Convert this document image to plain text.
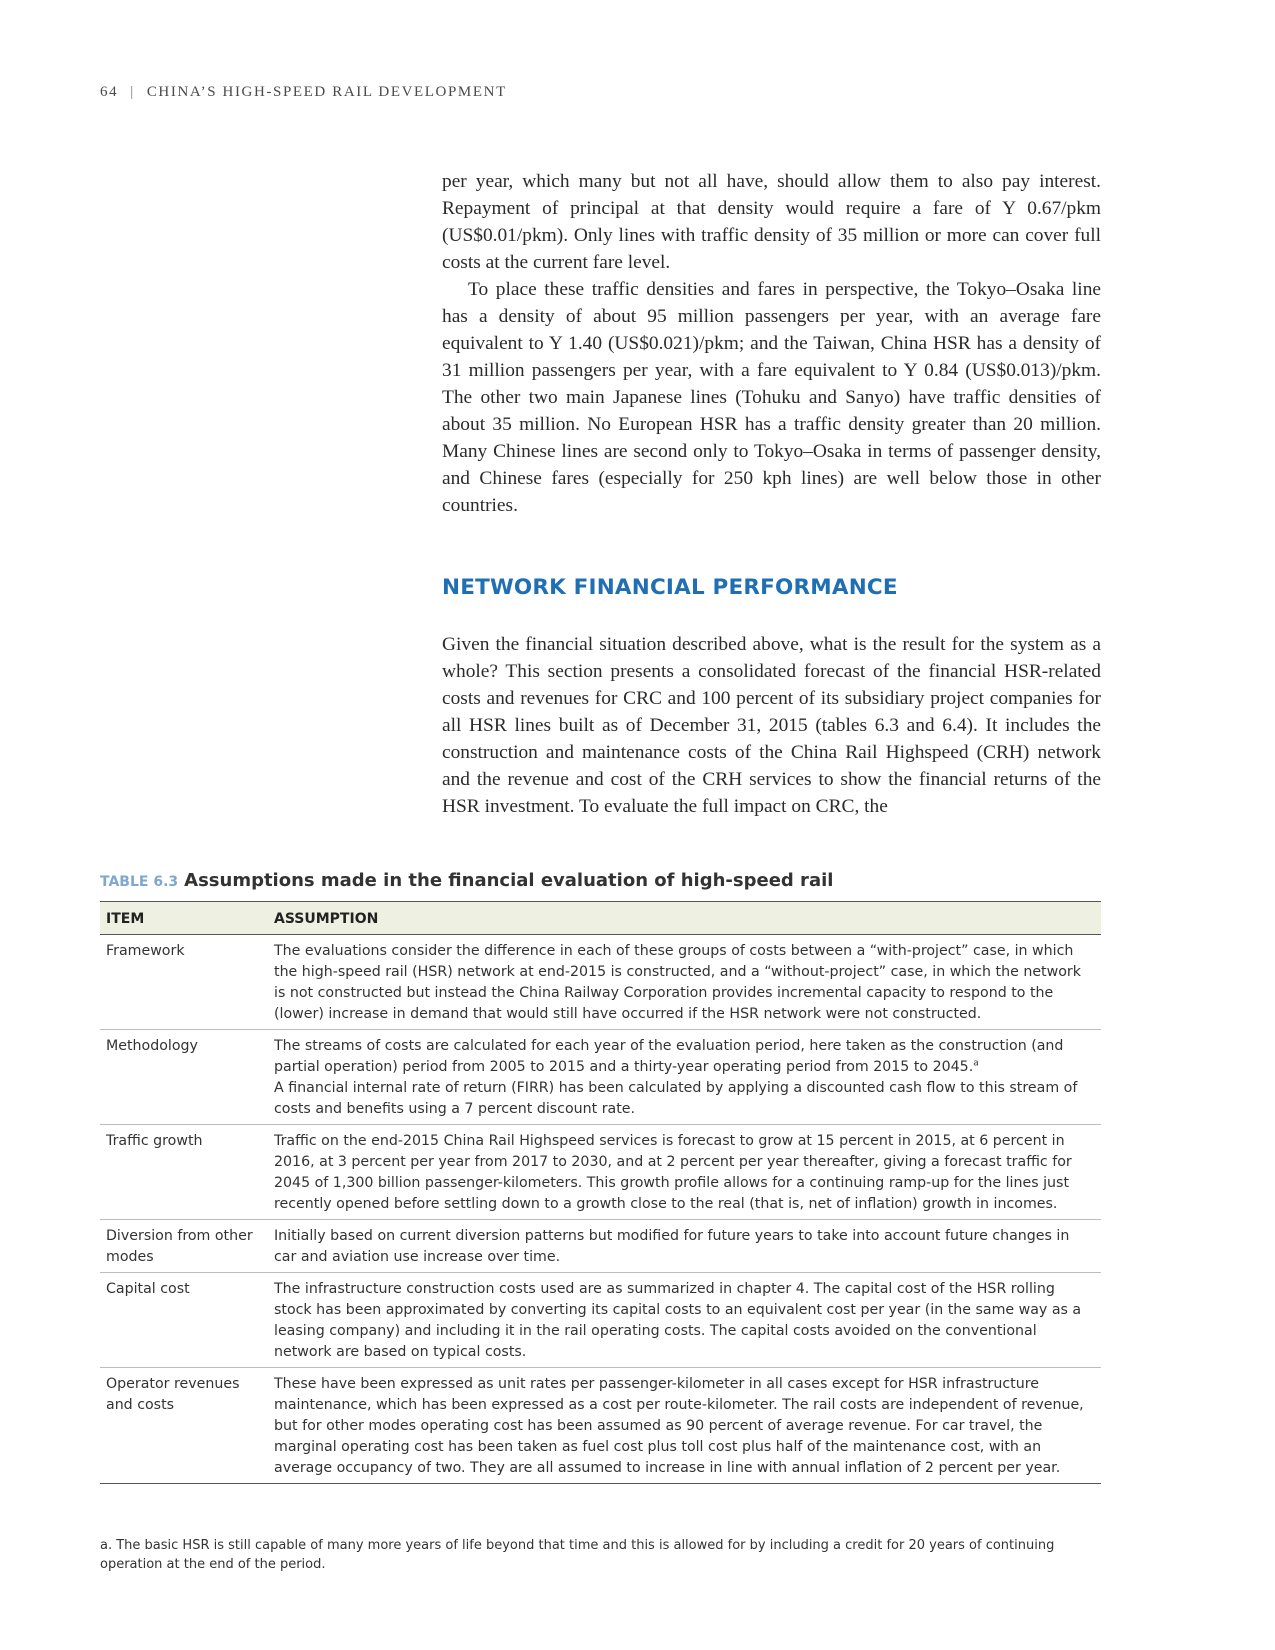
64 | CHINA’S HIGH-SPEED RAIL DEVELOPMENT

per year, which many but not all have, should allow them to also pay interest. Repayment of principal at that density would require a fare of Y 0.67/pkm (US$0.01/pkm). Only lines with traffic density of 35 million or more can cover full costs at the current fare level.

To place these traffic densities and fares in perspective, the Tokyo–Osaka line has a density of about 95 million passengers per year, with an average fare equivalent to Y 1.40 (US$0.021)/pkm; and the Taiwan, China HSR has a density of 31 million passengers per year, with a fare equivalent to Y 0.84 (US$0.013)/pkm. The other two main Japanese lines (Tohuku and Sanyo) have traffic densities of about 35 million. No European HSR has a traffic density greater than 20 million. Many Chinese lines are second only to Tokyo–Osaka in terms of passenger density, and Chinese fares (especially for 250 kph lines) are well below those in other countries.

NETWORK FINANCIAL PERFORMANCE

Given the financial situation described above, what is the result for the system as a whole? This section presents a consolidated forecast of the financial HSR-related costs and revenues for CRC and 100 percent of its subsidiary project companies for all HSR lines built as of December 31, 2015 (tables 6.3 and 6.4). It includes the construction and maintenance costs of the China Rail Highspeed (CRH) network and the revenue and cost of the CRH services to show the financial returns of the HSR investment. To evaluate the full impact on CRC, the

TABLE 6.3 Assumptions made in the financial evaluation of high-speed rail
ITEM	ASSUMPTION
Framework	The evaluations consider the difference in each of these groups of costs between a “with-project” case, in which the high-speed rail (HSR) network at end-2015 is constructed, and a “without-project” case, in which the network is not constructed but instead the China Railway Corporation provides incremental capacity to respond to the (lower) increase in demand that would still have occurred if the HSR network were not constructed.
Methodology	The streams of costs are calculated for each year of the evaluation period, here taken as the construction (and partial operation) period from 2005 to 2015 and a thirty-year operating period from 2015 to 2045.$^a$
A financial internal rate of return (FIRR) has been calculated by applying a discounted cash flow to this stream of costs and benefits using a 7 percent discount rate.
Traffic growth	Traffic on the end-2015 China Rail Highspeed services is forecast to grow at 15 percent in 2015, at 6 percent in 2016, at 3 percent per year from 2017 to 2030, and at 2 percent per year thereafter, giving a forecast traffic for 2045 of 1,300 billion passenger-kilometers. This growth profile allows for a continuing ramp-up for the lines just recently opened before settling down to a growth close to the real (that is, net of inflation) growth in incomes.
Diversion from other modes	Initially based on current diversion patterns but modified for future years to take into account future changes in car and aviation use increase over time.
Capital cost	The infrastructure construction costs used are as summarized in chapter 4. The capital cost of the HSR rolling stock has been approximated by converting its capital costs to an equivalent cost per year (in the same way as a leasing company) and including it in the rail operating costs. The capital costs avoided on the conventional network are based on typical costs.
Operator revenues and costs	These have been expressed as unit rates per passenger-kilometer in all cases except for HSR infrastructure maintenance, which has been expressed as a cost per route-kilometer. The rail costs are independent of revenue, but for other modes operating cost has been assumed as 90 percent of average revenue. For car travel, the marginal operating cost has been taken as fuel cost plus toll cost plus half of the maintenance cost, with an average occupancy of two. They are all assumed to increase in line with annual inflation of 2 percent per year.
a. The basic HSR is still capable of many more years of life beyond that time and this is allowed for by including a credit for 20 years of continuing operation at the end of the period.
